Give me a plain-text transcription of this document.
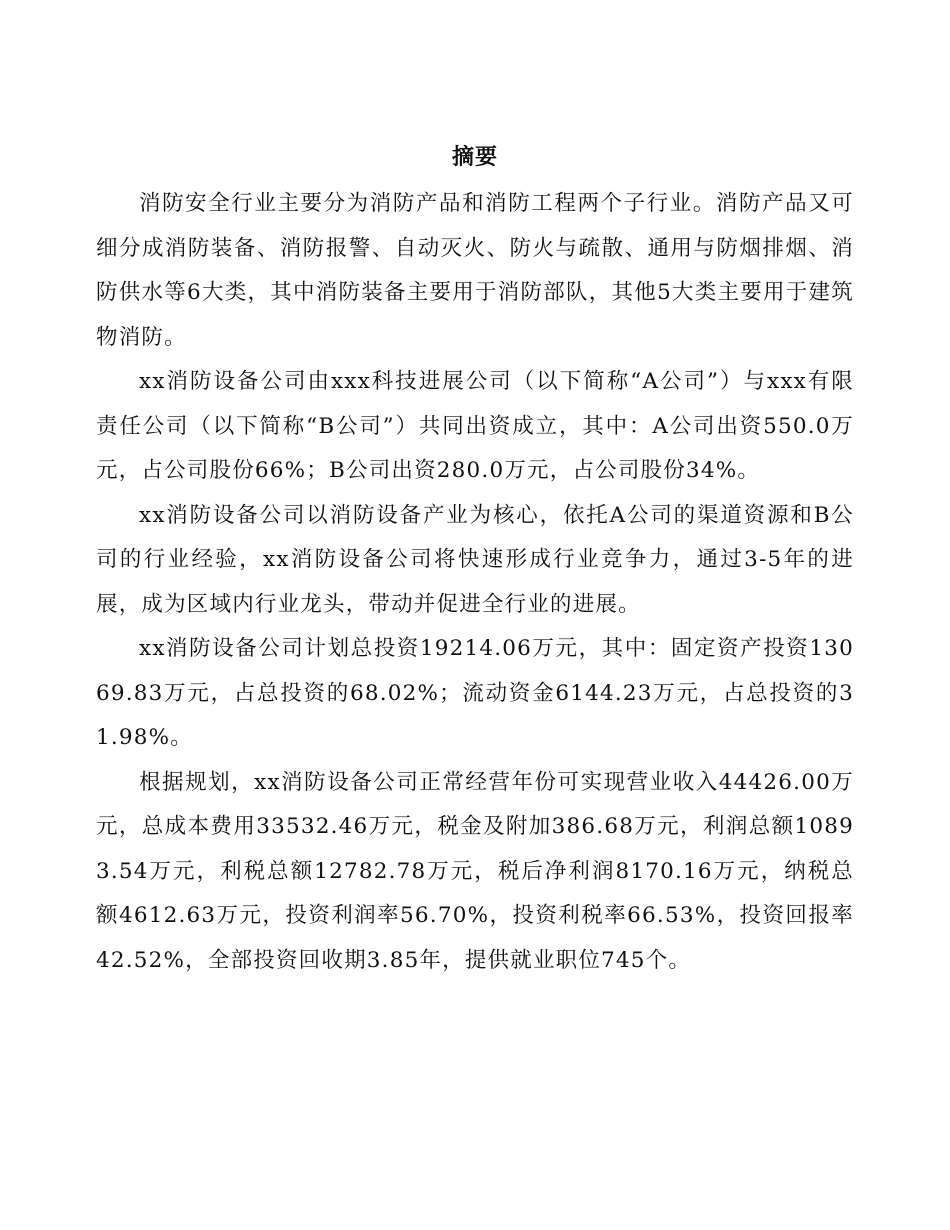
摘要

消防安全行业主要分为消防产品和消防工程两个子行业。消防产品又可细分成消防装备、消防报警、自动灭火、防火与疏散、通用与防烟排烟、消防供水等6大类，其中消防装备主要用于消防部队，其他5大类主要用于建筑物消防。

xx消防设备公司由xxx科技进展公司（以下简称“A公司”）与xxx有限责任公司（以下简称“B公司”）共同出资成立，其中：A公司出资550.0万元，占公司股份66%；B公司出资280.0万元，占公司股份34%。

xx消防设备公司以消防设备产业为核心，依托A公司的渠道资源和B公司的行业经验，xx消防设备公司将快速形成行业竞争力，通过3-5年的进展，成为区域内行业龙头，带动并促进全行业的进展。

xx消防设备公司计划总投资19214.06万元，其中：固定资产投资13069.83万元，占总投资的68.02%；流动资金6144.23万元，占总投资的31.98%。

根据规划，xx消防设备公司正常经营年份可实现营业收入44426.00万元，总成本费用33532.46万元，税金及附加386.68万元，利润总额10893.54万元，利税总额12782.78万元，税后净利润8170.16万元，纳税总额4612.63万元，投资利润率56.70%，投资利税率66.53%，投资回报率42.52%，全部投资回收期3.85年，提供就业职位745个。
